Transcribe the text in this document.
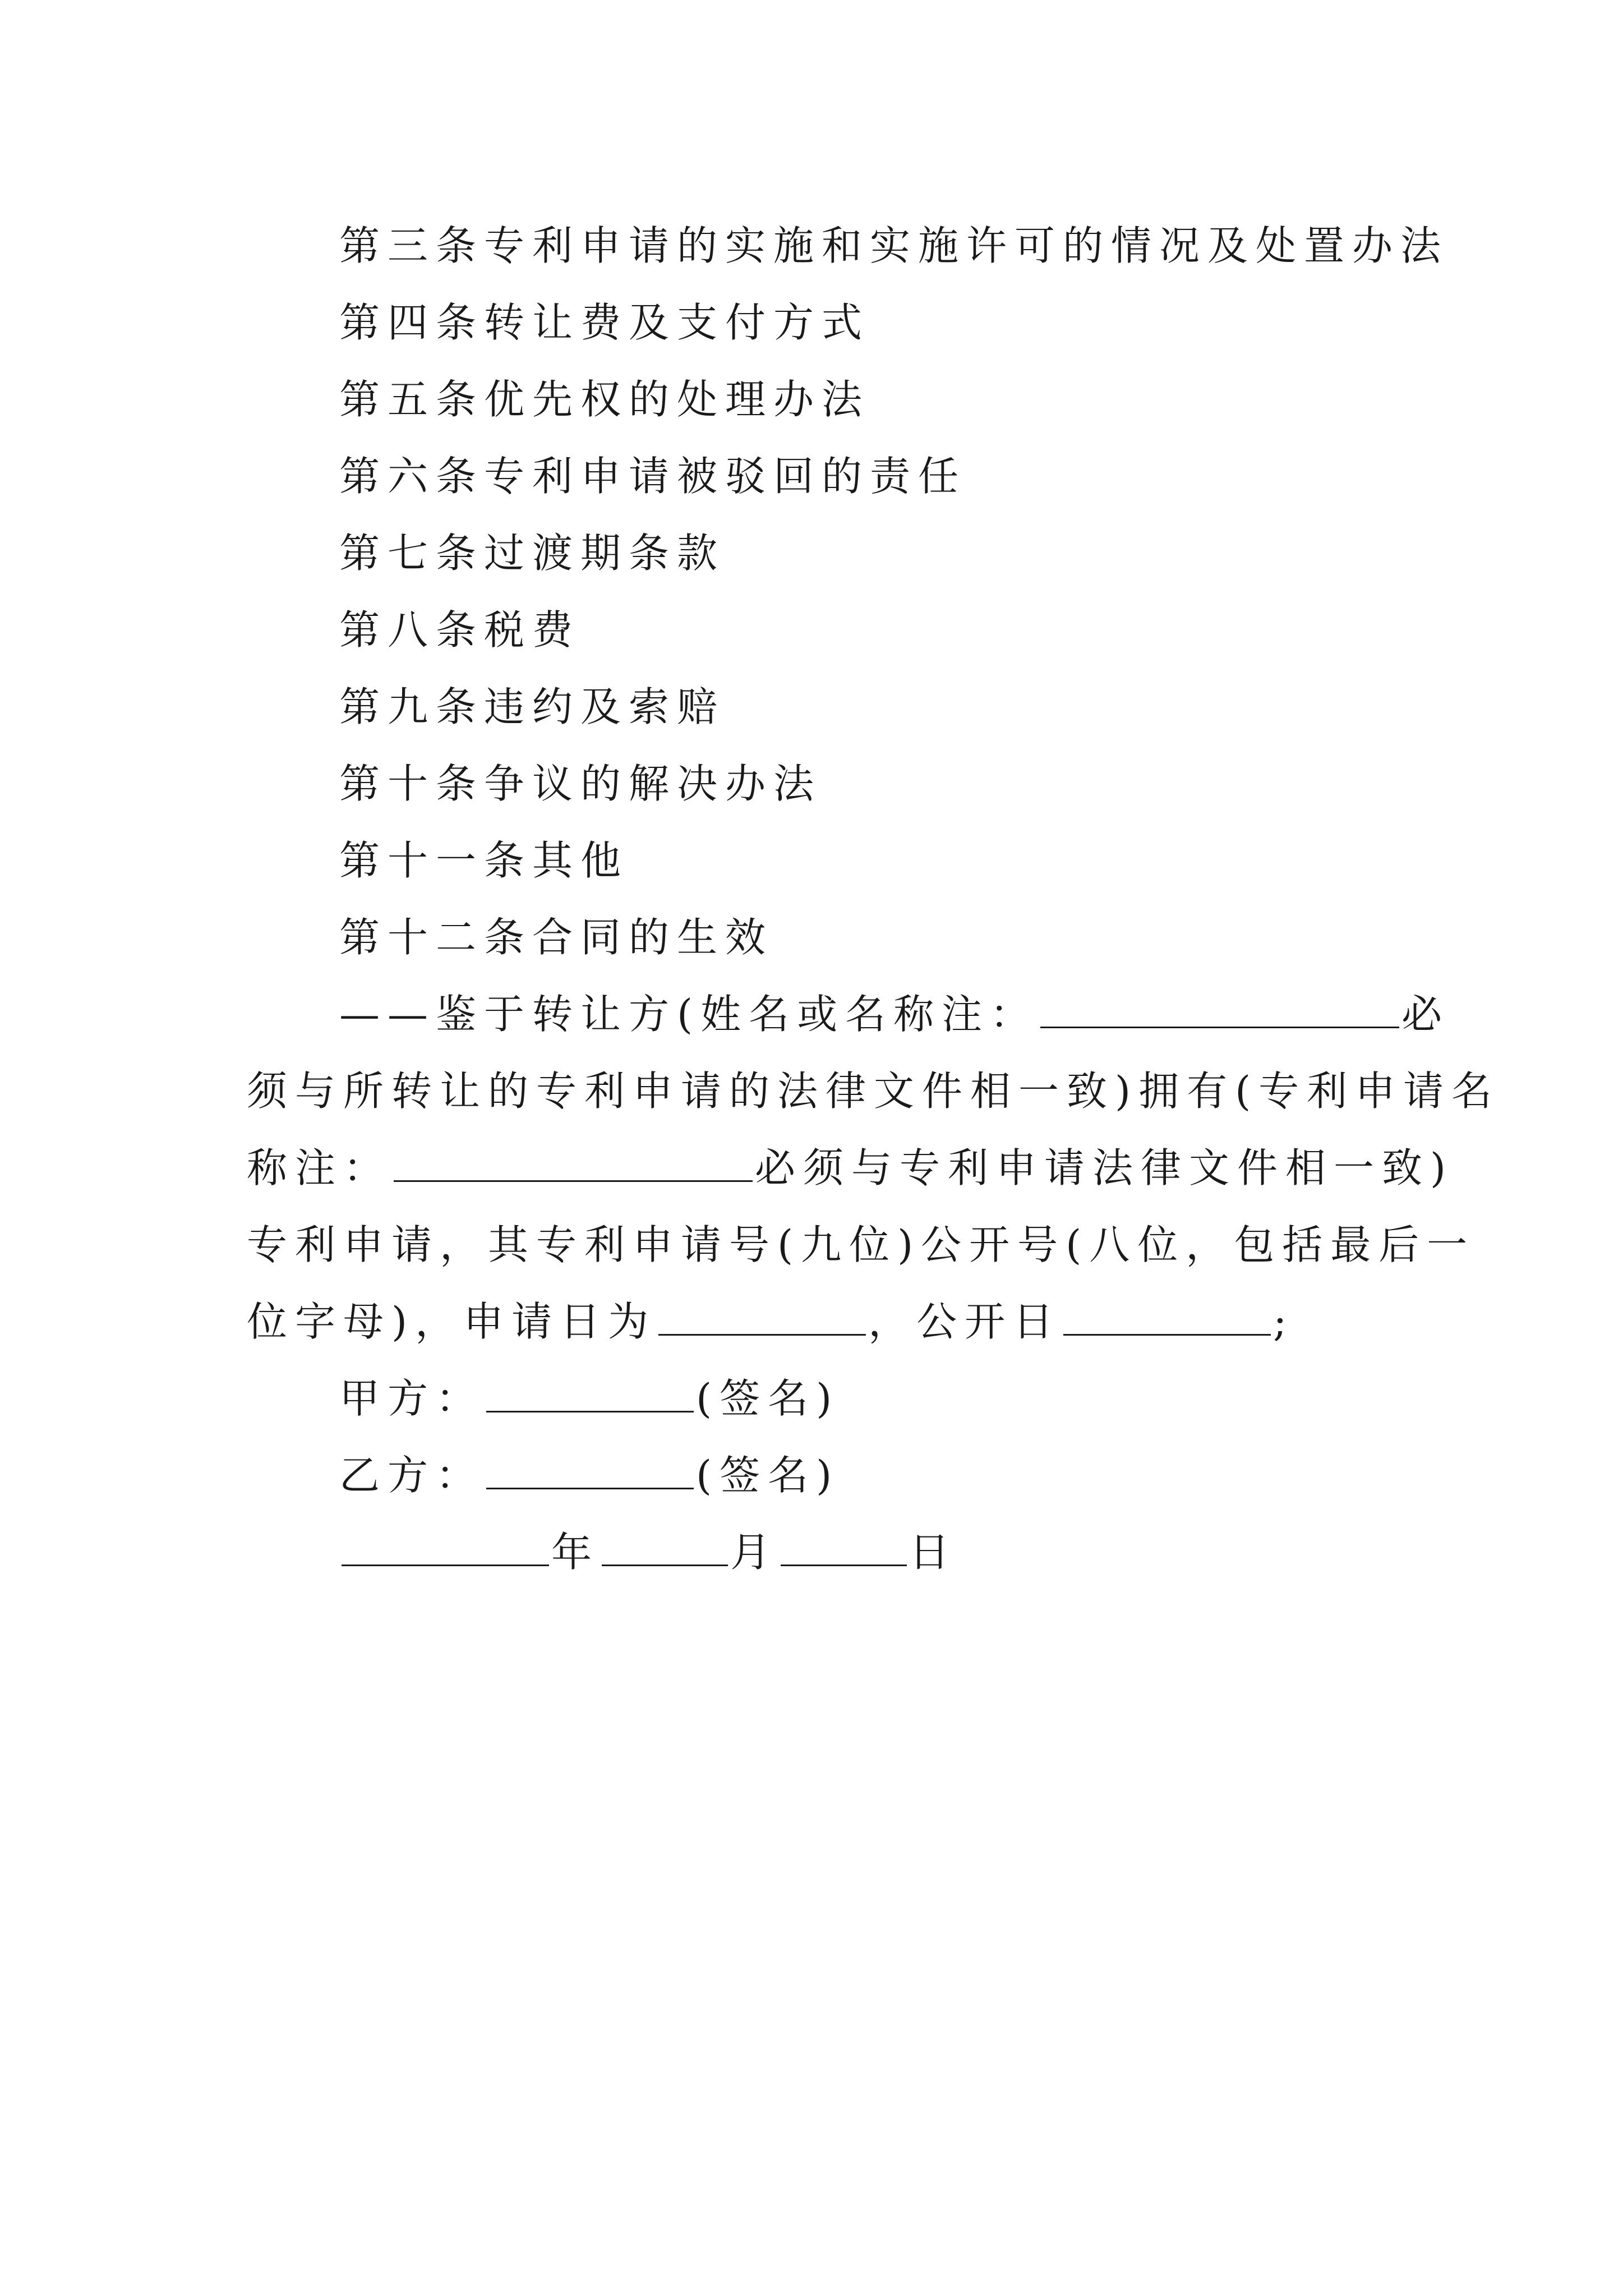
第三条专利申请的实施和实施许可的情况及处置办法
第四条转让费及支付方式
第五条优先权的处理办法
第六条专利申请被驳回的责任
第七条过渡期条款
第八条税费
第九条违约及索赔
第十条争议的解决办法
第十一条其他
第十二条合同的生效
——鉴于转让方(姓名或名称注：	必
须与所转让的专利申请的法律文件相一致)拥有(专利申请名
称注：	必须与专利申请法律文件相一致)
专利申请，其专利申请号(九位)公开号(八位，包括最后一
位字母)，申请日为	，公开日	;
甲方：	(签名)
乙方：	(签名)
年	月	日
